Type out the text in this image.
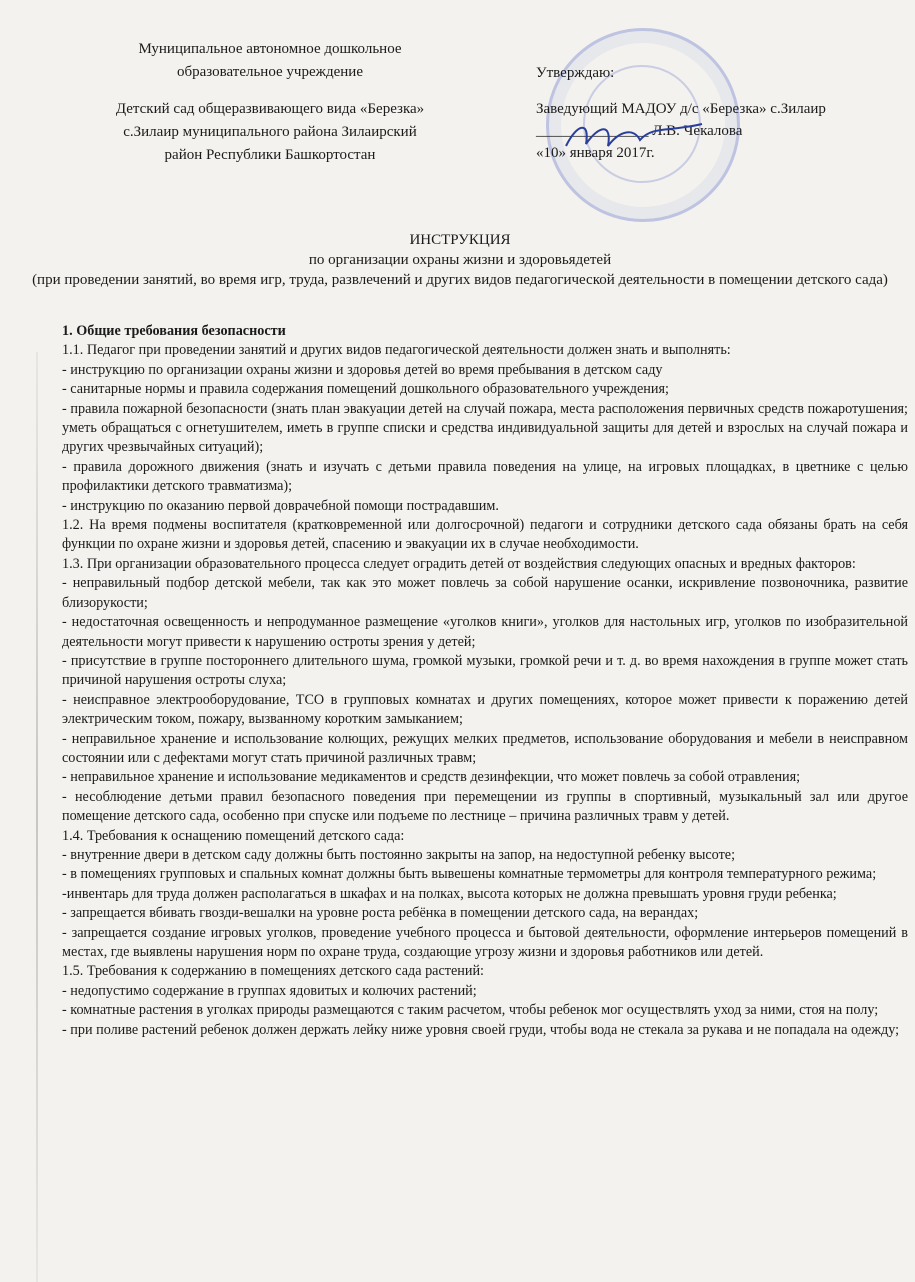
Муниципальное автономное дошкольное
образовательное учреждение
Детский сад общеразвивающего вида «Березка»
с.Зилаир муниципального района Зилаирский
район Республики Башкортостан
Утверждаю:
Заведующий МАДОУ д/с «Березка» с.Зилаир
_______________ Л.В. Чекалова
«10» января 2017г.
ИНСТРУКЦИЯ
по организации охраны жизни и здоровьядетей
(при проведении занятий, во время игр, труда, развлечений и других видов педагогической деятельности в помещении детского сада)

1. Общие требования безопасности

1.1. Педагог при проведении занятий и других видов педагогической деятельности должен знать и выполнять:

- инструкцию по организации охраны жизни и здоровья детей во время пребывания в детском саду

- санитарные нормы и правила содержания помещений дошкольного образовательного учреждения;

- правила пожарной безопасности (знать план эвакуации детей на случай пожара, места расположения первичных средств пожаротушения; уметь обращаться с огнетушителем, иметь в группе списки и средства индивидуальной защиты для детей и взрослых на случай пожара и других чрезвычайных ситуаций);

- правила дорожного движения (знать и изучать с детьми правила поведения на улице, на игровых площадках, в цветнике с целью профилактики детского травматизма);

- инструкцию по оказанию первой доврачебной помощи пострадавшим.

1.2. На время подмены воспитателя (кратковременной или долгосрочной) педагоги и сотрудники детского сада обязаны брать на себя функции по охране жизни и здоровья детей, спасению и эвакуации их в случае необходимости.

1.3. При организации образовательного процесса следует оградить детей от воздействия следующих опасных и вредных факторов:

- неправильный подбор детской мебели, так как это может повлечь за собой нарушение осанки, искривление позвоночника, развитие близорукости;

- недостаточная освещенность и непродуманное размещение «уголков книги», уголков для настольных игр, уголков по изобразительной деятельности могут привести к нарушению остроты зрения у детей;

- присутствие в группе постороннего длительного шума, громкой музыки, громкой речи и т. д. во время нахождения в группе может стать причиной нарушения остроты слуха;

- неисправное электрооборудование, ТСО в групповых комнатах и других помещениях, которое может привести к поражению детей электрическим током, пожару, вызванному коротким замыканием;

- неправильное хранение и использование колющих, режущих мелких предметов, использование оборудования и мебели в неисправном состоянии или с дефектами могут стать причиной различных травм;

- неправильное хранение и использование медикаментов и средств дезинфекции, что может повлечь за собой отравления;

- несоблюдение детьми правил безопасного поведения при перемещении из группы в спортивный, музыкальный зал или другое помещение детского сада, особенно при спуске или подъеме по лестнице – причина различных травм у детей.

1.4. Требования к оснащению помещений детского сада:

- внутренние двери в детском саду должны быть постоянно закрыты на запор, на недоступной ребенку высоте;

- в помещениях групповых и спальных комнат должны быть вывешены комнатные термометры для контроля температурного режима;

-инвентарь для труда должен располагаться в шкафах и на полках, высота которых не должна превышать уровня груди ребенка;

- запрещается вбивать гвозди-вешалки на уровне роста ребёнка в помещении детского сада, на верандах;

- запрещается создание игровых уголков, проведение учебного процесса и бытовой деятельности, оформление интерьеров помещений в местах, где выявлены нарушения норм по охране труда, создающие угрозу жизни и здоровья работников или детей.

1.5. Требования к содержанию в помещениях детского сада растений:

- недопустимо содержание в группах ядовитых и колючих растений;

- комнатные растения в уголках природы размещаются с таким расчетом, чтобы ребенок мог осуществлять уход за ними, стоя на полу;

- при поливе растений ребенок должен держать лейку ниже уровня своей груди, чтобы вода не стекала за рукава и не попадала на одежду;
